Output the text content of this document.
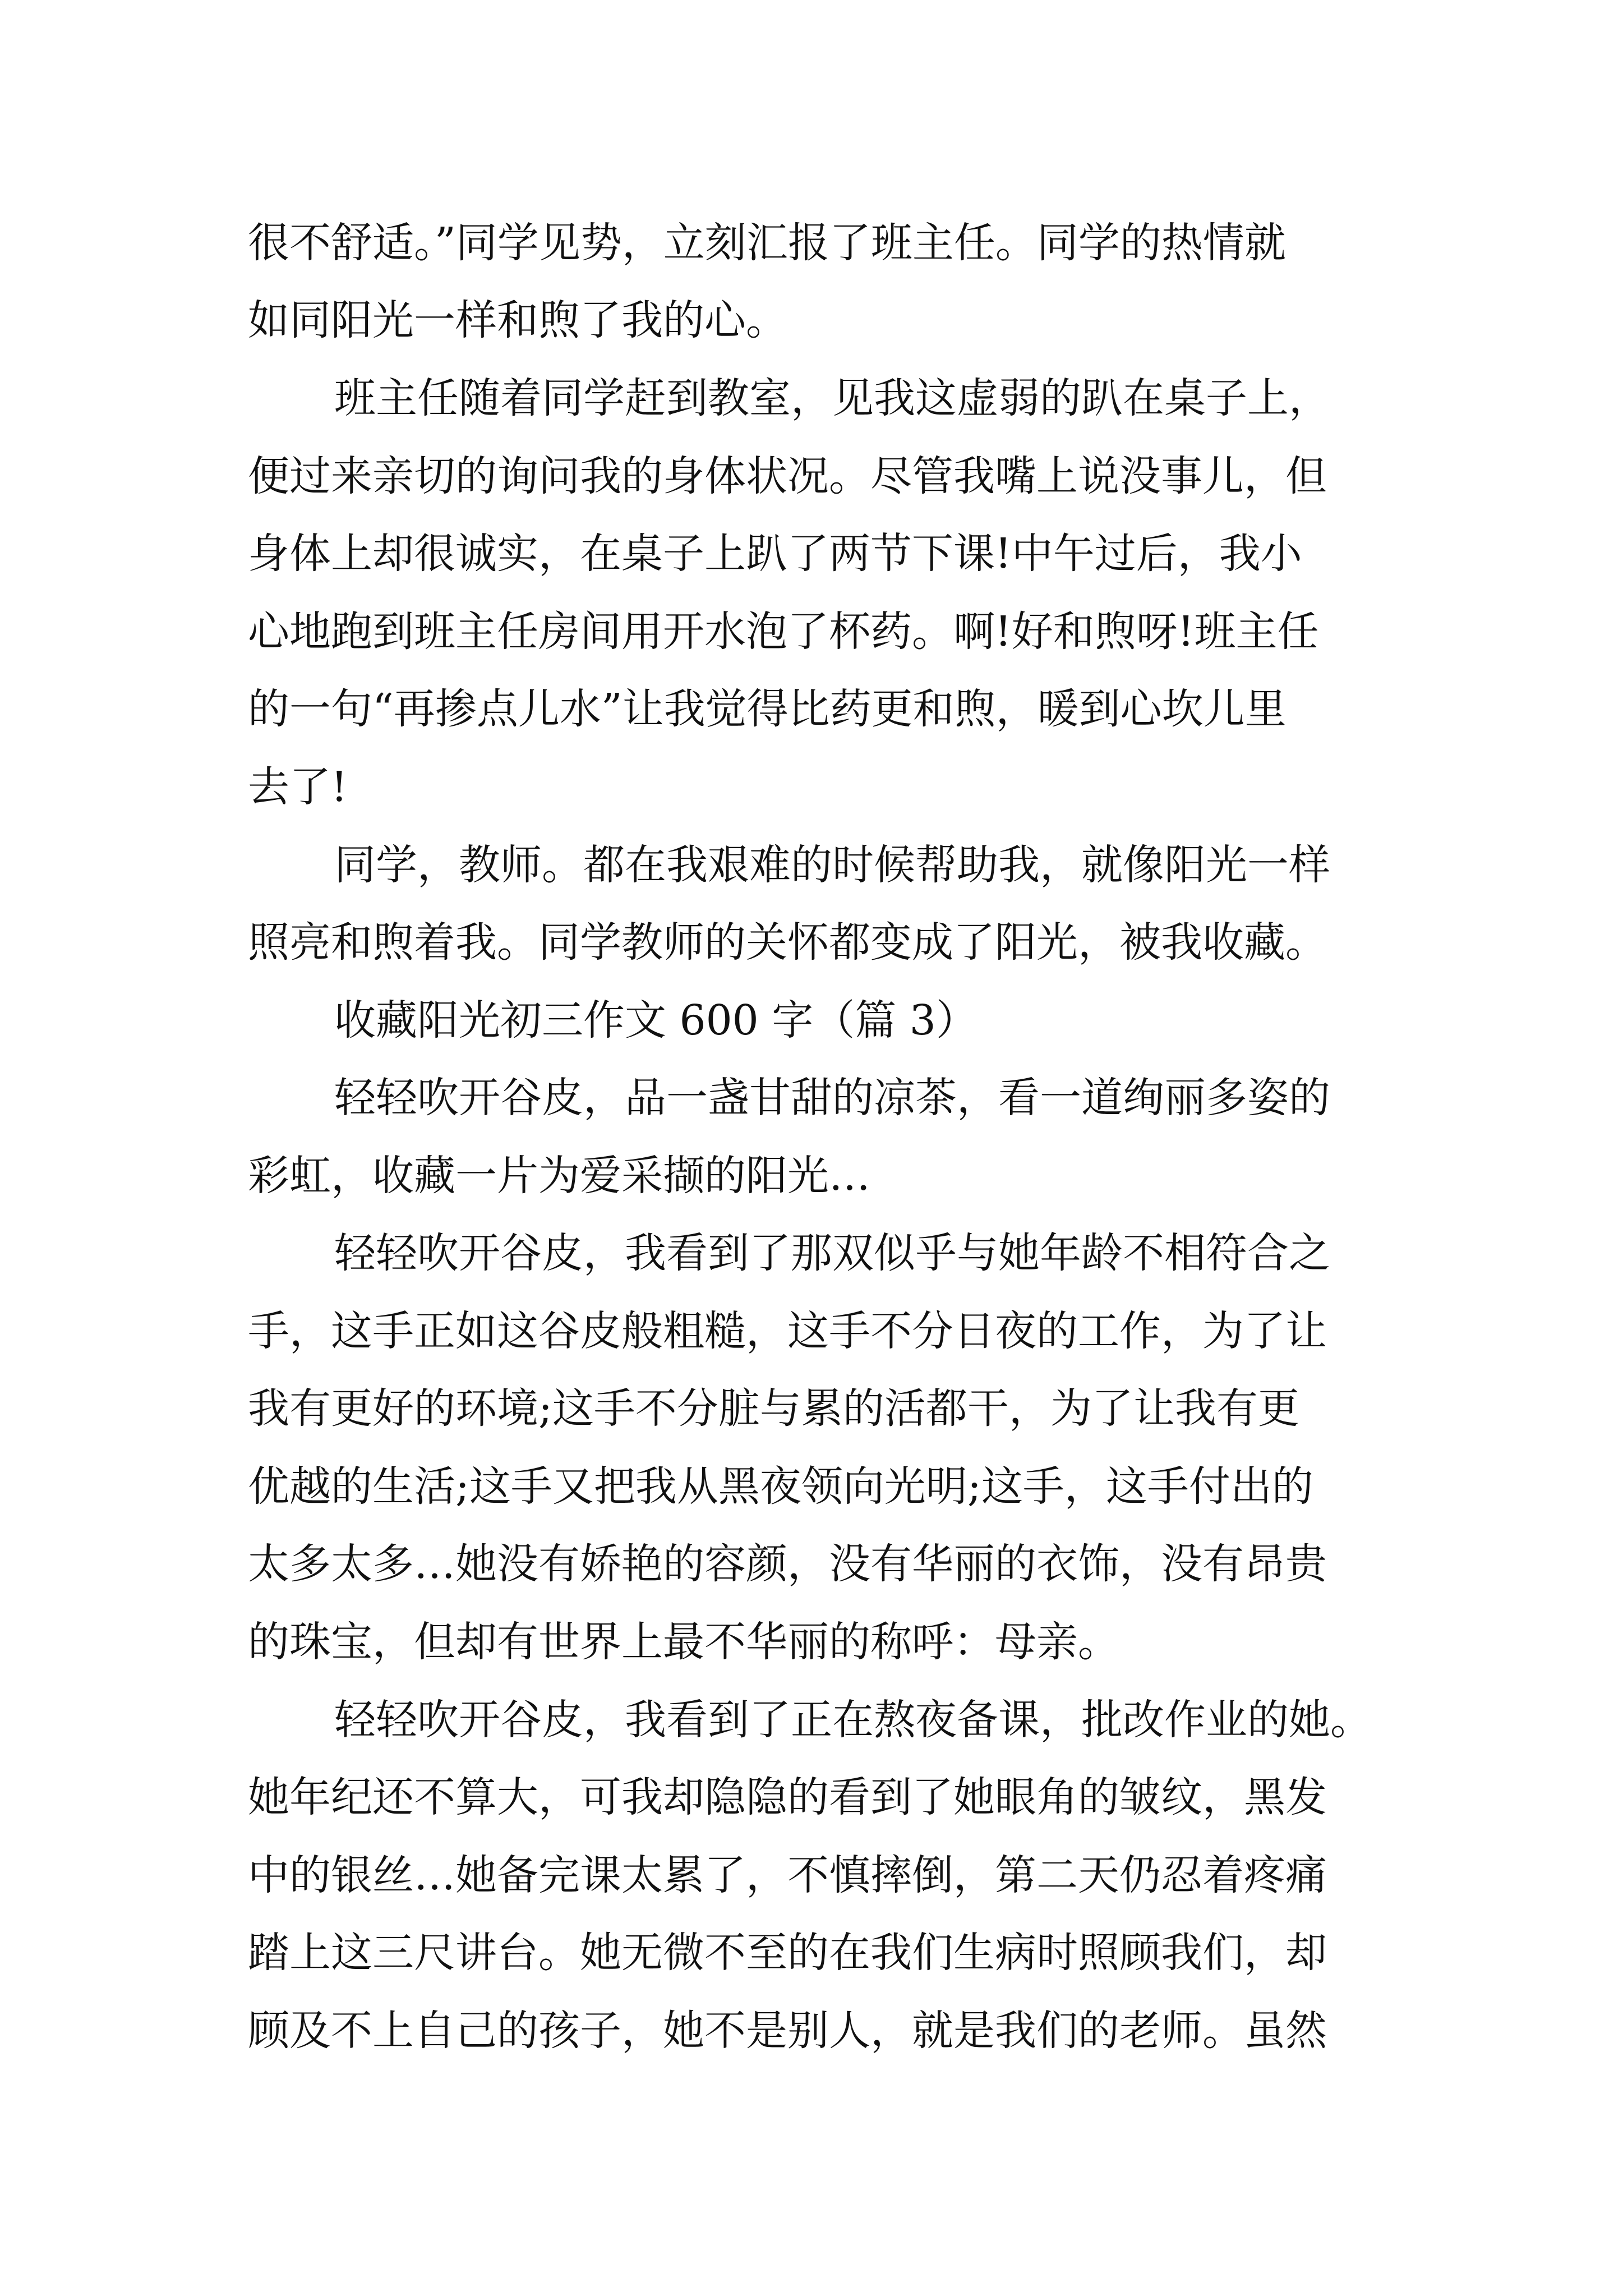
很不舒适。”同学见势，立刻汇报了班主任。同学的热情就

如同阳光一样和煦了我的心。

班主任随着同学赶到教室，见我这虚弱的趴在桌子上，

便过来亲切的询问我的身体状况。尽管我嘴上说没事儿，但

身体上却很诚实，在桌子上趴了两节下课!中午过后，我小

心地跑到班主任房间用开水泡了杯药。啊!好和煦呀!班主任

的一句“再掺点儿水”让我觉得比药更和煦，暖到心坎儿里

去了!

同学，教师。都在我艰难的时候帮助我，就像阳光一样

照亮和煦着我。同学教师的关怀都变成了阳光，被我收藏。

收藏阳光初三作文 600 字（篇 3）

轻轻吹开谷皮，品一盏甘甜的凉茶，看一道绚丽多姿的

彩虹，收藏一片为爱采撷的阳光…

轻轻吹开谷皮，我看到了那双似乎与她年龄不相符合之

手，这手正如这谷皮般粗糙，这手不分日夜的工作，为了让

我有更好的环境;这手不分脏与累的活都干，为了让我有更

优越的生活;这手又把我从黑夜领向光明;这手，这手付出的

太多太多…她没有娇艳的容颜，没有华丽的衣饰，没有昂贵

的珠宝，但却有世界上最不华丽的称呼：母亲。

轻轻吹开谷皮，我看到了正在熬夜备课，批改作业的她。

她年纪还不算大，可我却隐隐的看到了她眼角的皱纹，黑发

中的银丝…她备完课太累了，不慎摔倒，第二天仍忍着疼痛

踏上这三尺讲台。她无微不至的在我们生病时照顾我们，却

顾及不上自己的孩子，她不是别人，就是我们的老师。虽然
